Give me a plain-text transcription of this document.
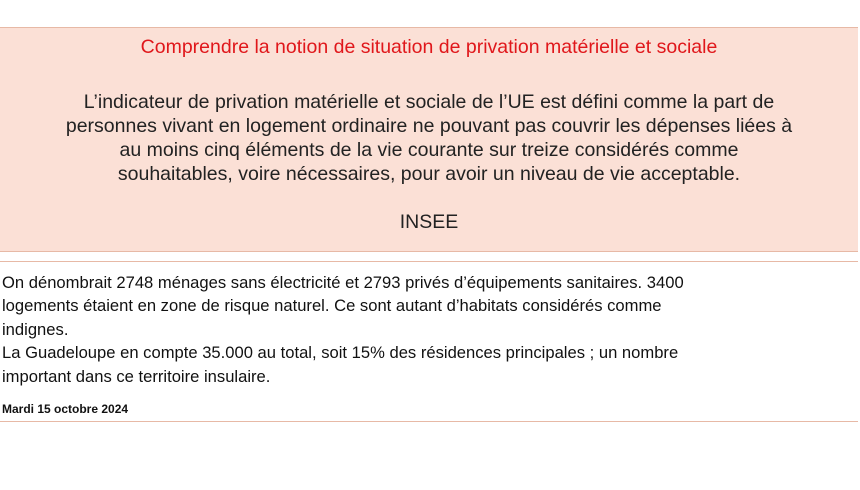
Comprendre la notion de situation de privation matérielle et sociale

L’indicateur de privation matérielle et sociale de l’UE est défini comme la part de
personnes vivant en logement ordinaire ne pouvant pas couvrir les dépenses liées à
au moins cinq éléments de la vie courante sur treize considérés comme
souhaitables, voire nécessaires, pour avoir un niveau de vie acceptable.

INSEE

On dénombrait 2748 ménages sans électricité et 2793 privés d’équipements sanitaires. 3400
logements étaient en zone de risque naturel. Ce sont autant d’habitats considérés comme
indignes.
La Guadeloupe en compte 35.000 au total, soit 15% des résidences principales ; un nombre
important dans ce territoire insulaire.

Mardi 15 octobre 2024
